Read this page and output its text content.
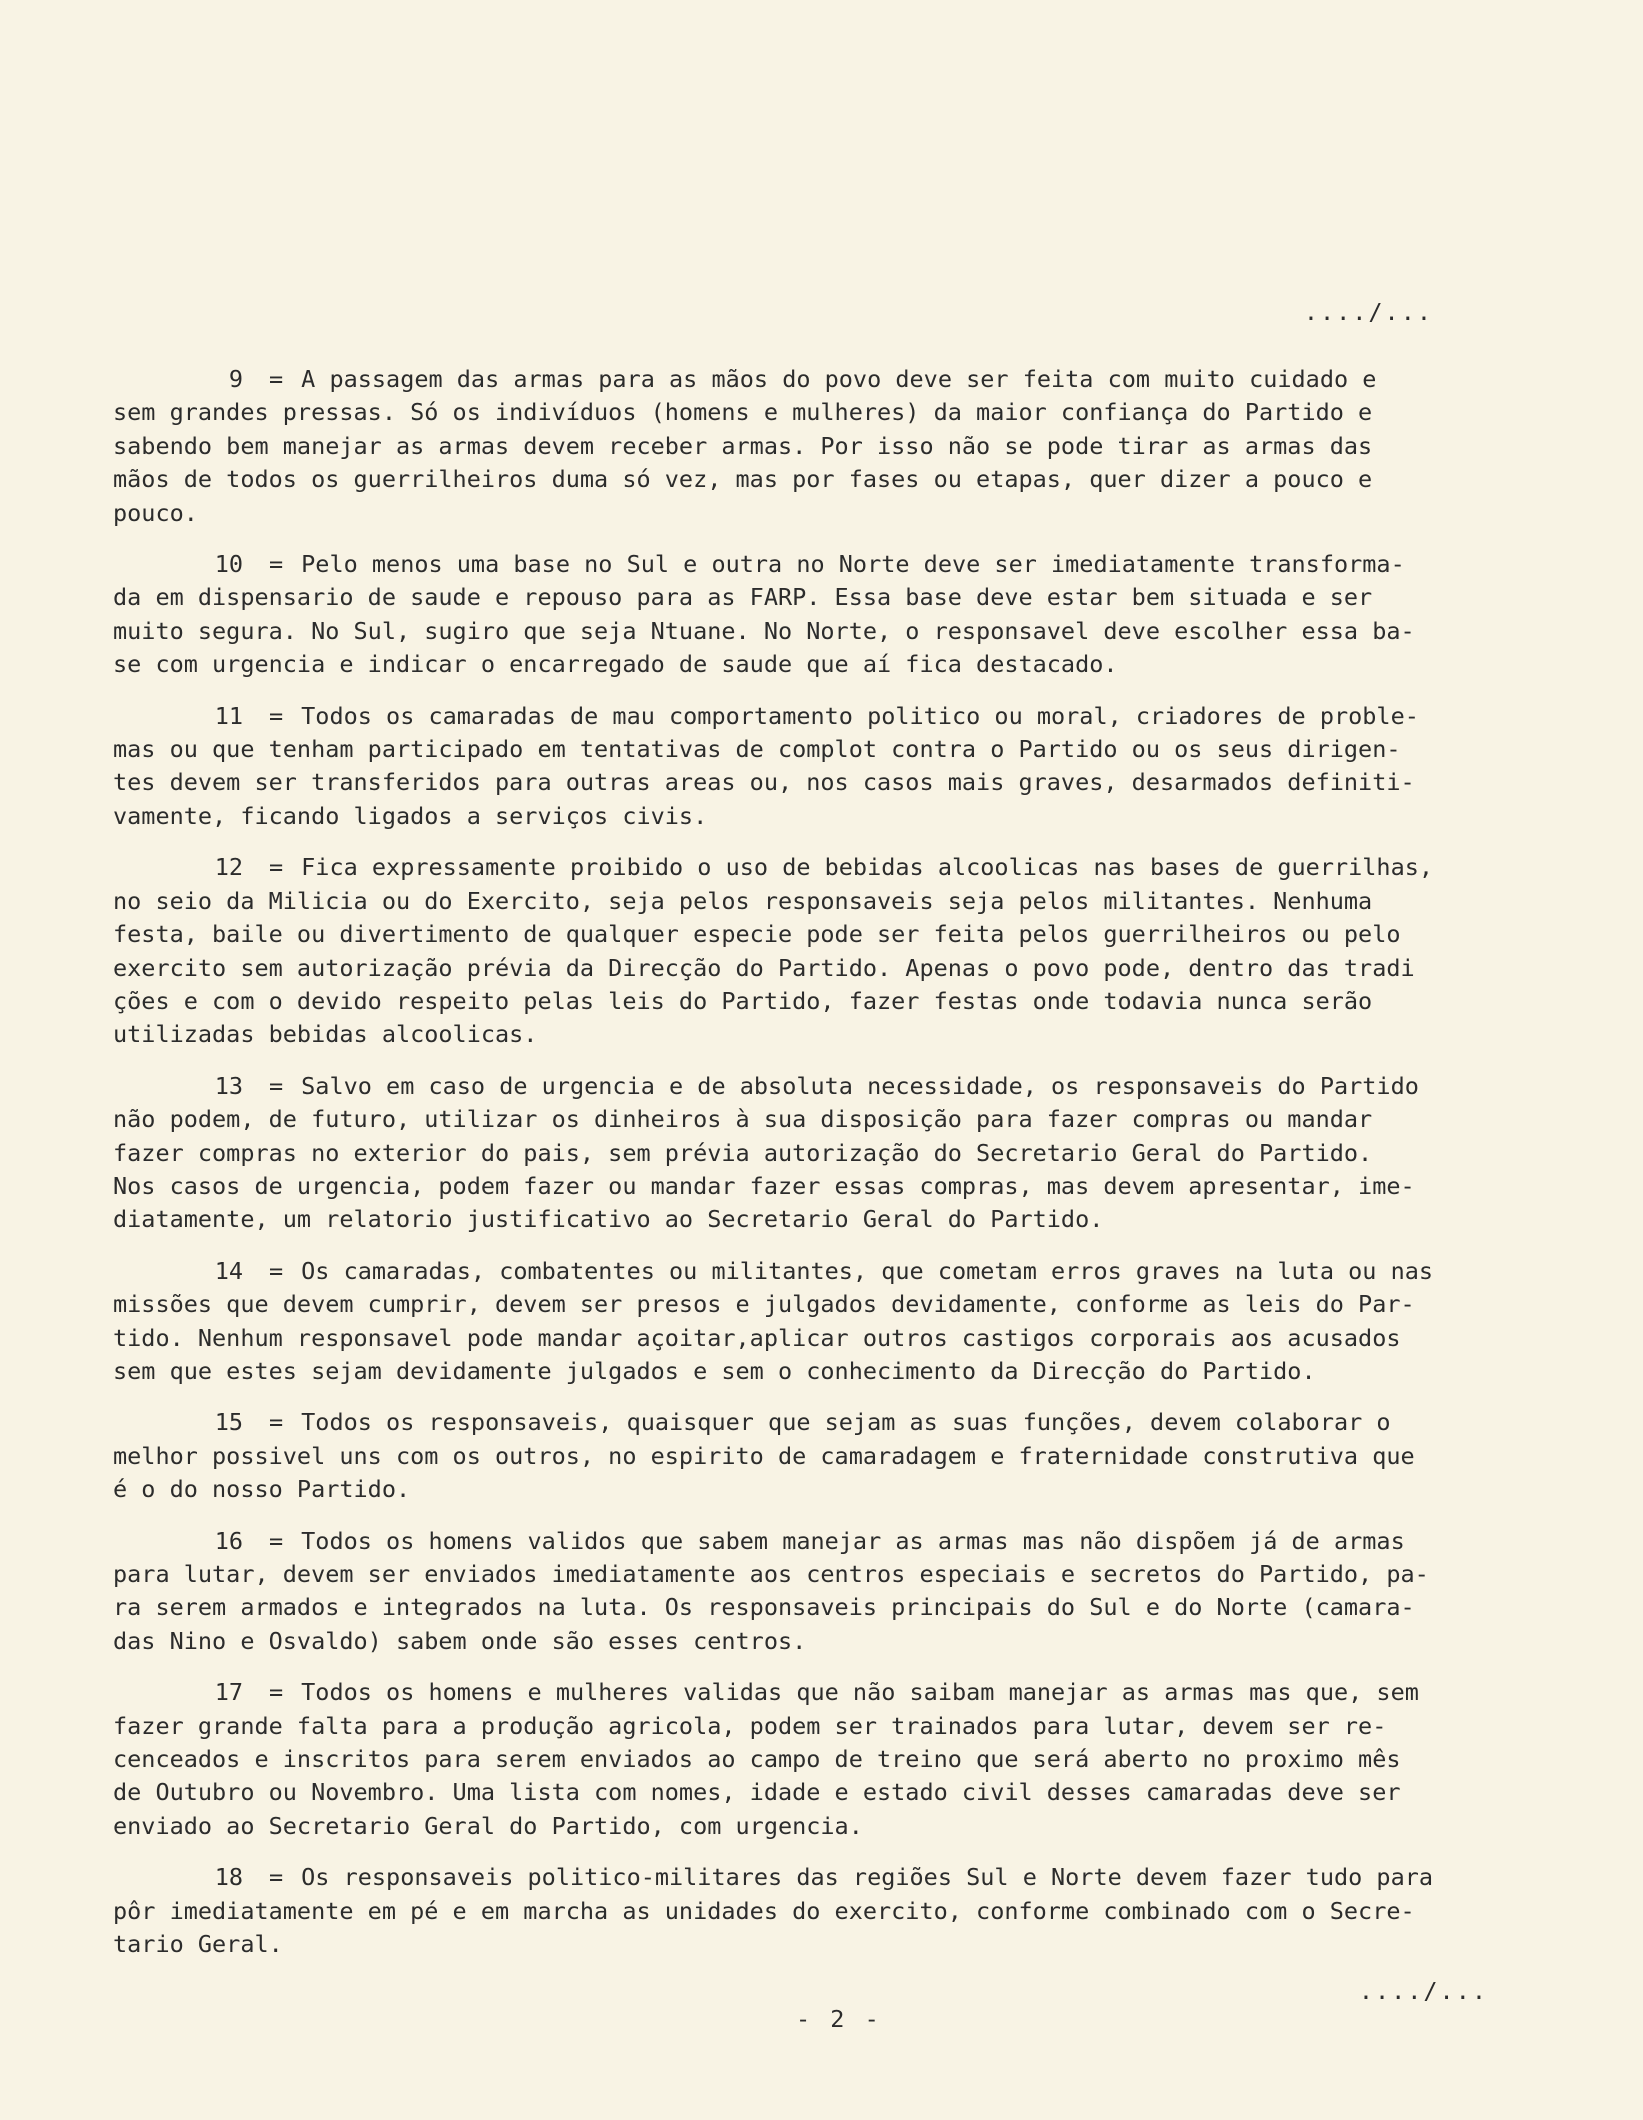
..../...
9 = A passagem das armas para as mãos do povo deve ser feita com muito cuidado e
sem grandes pressas. Só os indivíduos (homens e mulheres) da maior confiança do Partido e
sabendo bem manejar as armas devem receber armas. Por isso não se pode tirar as armas das
mãos de todos os guerrilheiros duma só vez, mas por fases ou etapas, quer dizer a pouco e
pouco.
10 = Pelo menos uma base no Sul e outra no Norte deve ser imediatamente transforma-
da em dispensario de saude e repouso para as FARP. Essa base deve estar bem situada e ser
muito segura. No Sul, sugiro que seja Ntuane. No Norte, o responsavel deve escolher essa ba-
se com urgencia e indicar o encarregado de saude que aí fica destacado.
11 = Todos os camaradas de mau comportamento politico ou moral, criadores de proble-
mas ou que tenham participado em tentativas de complot contra o Partido ou os seus dirigen-
tes devem ser transferidos para outras areas ou, nos casos mais graves, desarmados definiti-
vamente, ficando ligados a serviços civis.
12 = Fica expressamente proibido o uso de bebidas alcoolicas nas bases de guerrilhas,
no seio da Milicia ou do Exercito, seja pelos responsaveis seja pelos militantes. Nenhuma
festa, baile ou divertimento de qualquer especie pode ser feita pelos guerrilheiros ou pelo
exercito sem autorização prévia da Direcção do Partido. Apenas o povo pode, dentro das tradi
ções e com o devido respeito pelas leis do Partido, fazer festas onde todavia nunca serão
utilizadas bebidas alcoolicas.
13 = Salvo em caso de urgencia e de absoluta necessidade, os responsaveis do Partido
não podem, de futuro, utilizar os dinheiros à sua disposição para fazer compras ou mandar
fazer compras no exterior do pais, sem prévia autorização do Secretario Geral do Partido.
Nos casos de urgencia, podem fazer ou mandar fazer essas compras, mas devem apresentar, ime-
diatamente, um relatorio justificativo ao Secretario Geral do Partido.
14 = Os camaradas, combatentes ou militantes, que cometam erros graves na luta ou nas
missões que devem cumprir, devem ser presos e julgados devidamente, conforme as leis do Par-
tido. Nenhum responsavel pode mandar açoitar,aplicar outros castigos corporais aos acusados
sem que estes sejam devidamente julgados e sem o conhecimento da Direcção do Partido.
15 = Todos os responsaveis, quaisquer que sejam as suas funções, devem colaborar o
melhor possivel uns com os outros, no espirito de camaradagem e fraternidade construtiva que
é o do nosso Partido.
16 = Todos os homens validos que sabem manejar as armas mas não dispõem já de armas
para lutar, devem ser enviados imediatamente aos centros especiais e secretos do Partido, pa-
ra serem armados e integrados na luta. Os responsaveis principais do Sul e do Norte (camara-
das Nino e Osvaldo) sabem onde são esses centros.
17 = Todos os homens e mulheres validas que não saibam manejar as armas mas que, sem
fazer grande falta para a produção agricola, podem ser trainados para lutar, devem ser re-
cenceados e inscritos para serem enviados ao campo de treino que será aberto no proximo mês
de Outubro ou Novembro. Uma lista com nomes, idade e estado civil desses camaradas deve ser
enviado ao Secretario Geral do Partido, com urgencia.
18 = Os responsaveis politico-militares das regiões Sul e Norte devem fazer tudo para
pôr imediatamente em pé e em marcha as unidades do exercito, conforme combinado com o Secre-
tario Geral.
..../...
- 2 -
